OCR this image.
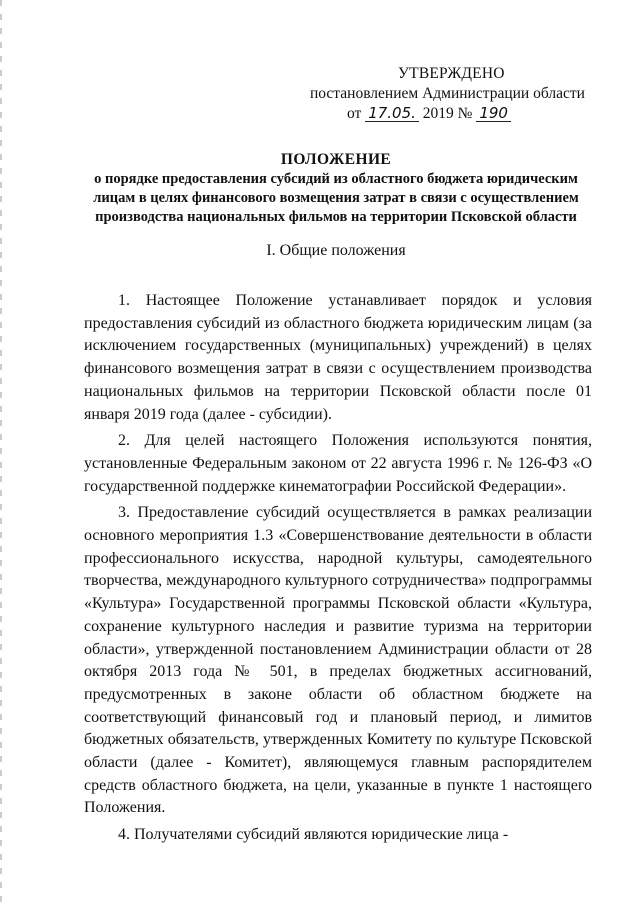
УТВЕРЖДЕНО
постановлением Администрации области
от 17.05. 2019 № 190
ПОЛОЖЕНИЕ
о порядке предоставления субсидий из областного бюджета юридическим лицам в целях финансового возмещения затрат в связи с осуществлением производства национальных фильмов на территории Псковской области
I. Общие положения

1. Настоящее Положение устанавливает порядок и условия предоставления субсидий из областного бюджета юридическим лицам (за исключением государственных (муниципальных) учреждений) в целях финансового возмещения затрат в связи с осуществлением производства национальных фильмов на территории Псковской области после 01 января 2019 года (далее - субсидии).

2. Для целей настоящего Положения используются понятия, установленные Федеральным законом от 22 августа 1996 г. № 126-ФЗ «О государственной поддержке кинематографии Российской Федерации».

3. Предоставление субсидий осуществляется в рамках реализации основного мероприятия 1.3 «Совершенствование деятельности в области профессионального искусства, народной культуры, самодеятельного творчества, международного культурного сотрудничества» подпрограммы «Культура» Государственной программы Псковской области «Культура, сохранение культурного наследия и развитие туризма на территории области», утвержденной постановлением Администрации области от 28 октября 2013 года № 501, в пределах бюджетных ассигнований, предусмотренных в законе области об областном бюджете на соответствующий финансовый год и плановый период, и лимитов бюджетных обязательств, утвержденных Комитету по культуре Псковской области (далее - Комитет), являющемуся главным распорядителем средств областного бюджета, на цели, указанные в пункте 1 настоящего Положения.

4. Получателями субсидий являются юридические лица -
